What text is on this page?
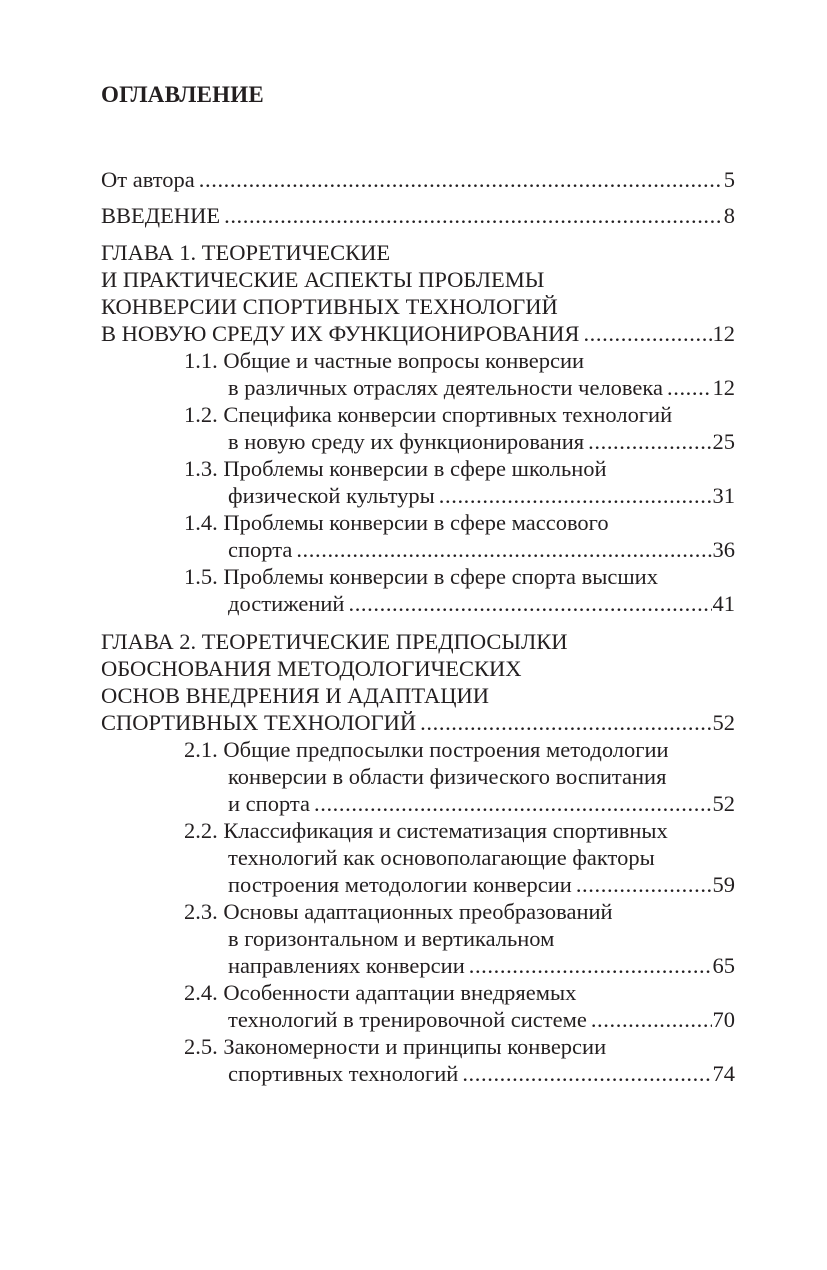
ОГЛАВЛЕНИЕ
От автора .....	5
ВВЕДЕНИЕ .....	8
ГЛАВА 1. ТЕОРЕТИЧЕСКИЕ
И ПРАКТИЧЕСКИЕ АСПЕКТЫ ПРОБЛЕМЫ
КОНВЕРСИИ СПОРТИВНЫХ ТЕХНОЛОГИЙ
В НОВУЮ СРЕДУ ИХ ФУНКЦИОНИРОВАНИЯ .....	12
1.1. Общие и частные вопросы конверсии
в различных отраслях деятельности человека ..... 12
1.2. Специфика конверсии спортивных технологий
в новую среду их функционирования .....	25
1.3. Проблемы конверсии в сфере школьной
физической культуры .....	31
1.4. Проблемы конверсии в сфере массового
спорта .....	36
1.5. Проблемы конверсии в сфере спорта высших
достижений .....	41
ГЛАВА 2. ТЕОРЕТИЧЕСКИЕ ПРЕДПОСЫЛКИ
ОБОСНОВАНИЯ МЕТОДОЛОГИЧЕСКИХ
ОСНОВ ВНЕДРЕНИЯ И АДАПТАЦИИ
СПОРТИВНЫХ ТЕХНОЛОГИЙ .....	52
2.1. Общие предпосылки построения методологии
конверсии в области физического воспитания
и спорта .....	52
2.2. Классификация и систематизация спортивных
технологий как основополагающие факторы
построения методологии конверсии .....	59
2.3. Основы адаптационных преобразований
в горизонтальном и вертикальном
направлениях конверсии .....	65
2.4. Особенности адаптации внедряемых
технологий в тренировочной системе .....	70
2.5. Закономерности и принципы конверсии
спортивных технологий .....	74
